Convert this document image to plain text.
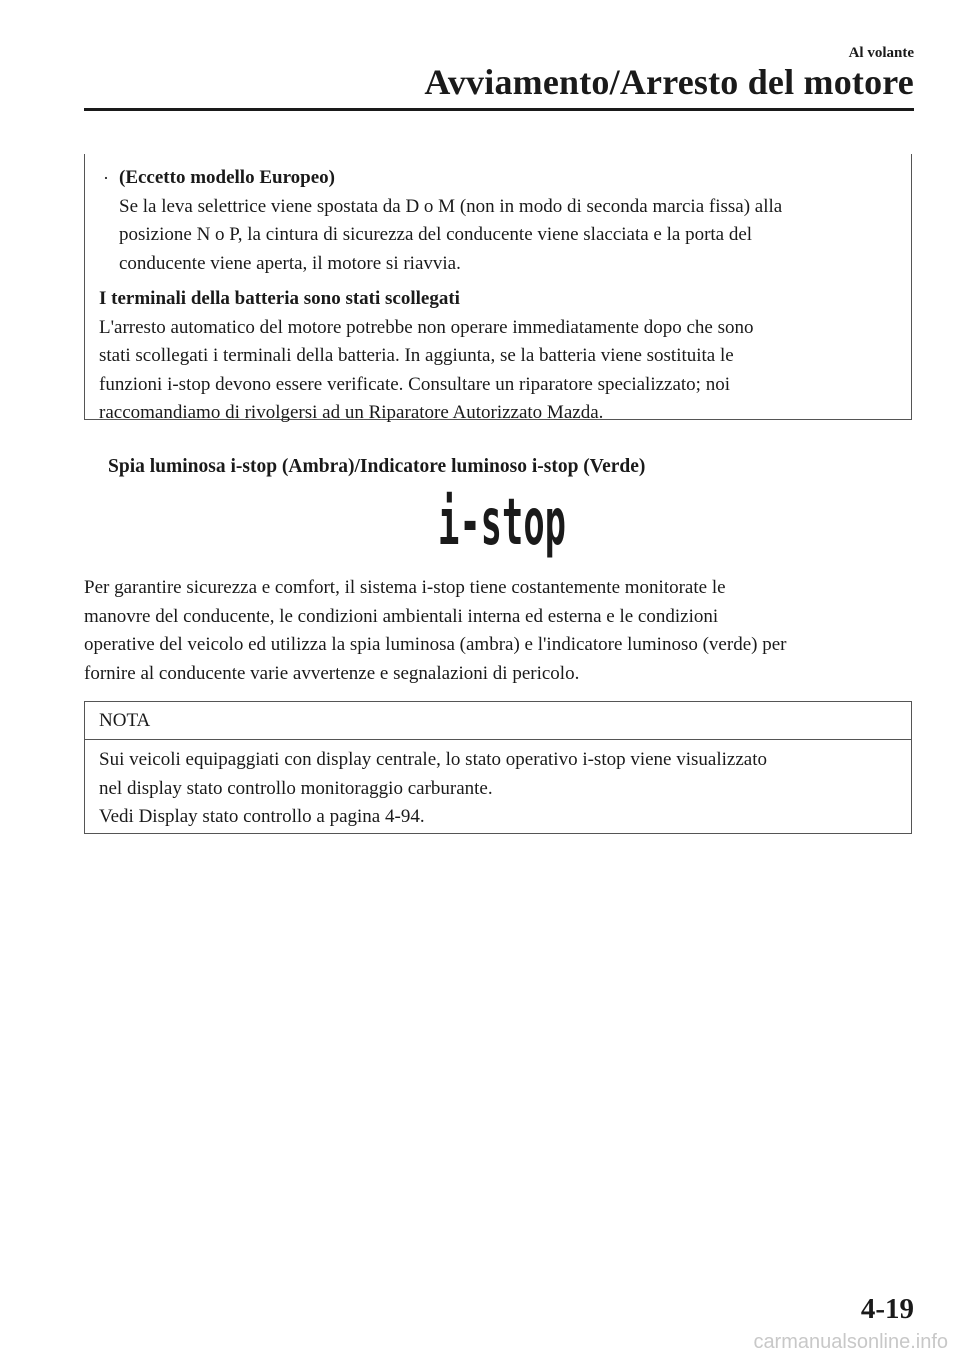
Al volante
Avviamento/Arresto del motore
· (Eccetto modello Europeo)

Se la leva selettrice viene spostata da D o M (non in modo di seconda marcia fissa) alla

posizione N o P, la cintura di sicurezza del conducente viene slacciata e la porta del

conducente viene aperta, il motore si riavvia.

I terminali della batteria sono stati scollegati

L'arresto automatico del motore potrebbe non operare immediatamente dopo che sono

stati scollegati i terminali della batteria. In aggiunta, se la batteria viene sostituita le

funzioni i-stop devono essere verificate. Consultare un riparatore specializzato; noi

raccomandiamo di rivolgersi ad un Riparatore Autorizzato Mazda.

Spia luminosa i-stop (Ambra)/Indicatore luminoso i-stop (Verde)
i-stop

Per garantire sicurezza e comfort, il sistema i-stop tiene costantemente monitorate le

manovre del conducente, le condizioni ambientali interna ed esterna e le condizioni

operative del veicolo ed utilizza la spia luminosa (ambra) e l'indicatore luminoso (verde) per

fornire al conducente varie avvertenze e segnalazioni di pericolo.

NOTA

Sui veicoli equipaggiati con display centrale, lo stato operativo i-stop viene visualizzato

nel display stato controllo monitoraggio carburante.

Vedi Display stato controllo a pagina 4-94.

4-19
carmanualsonline.info
